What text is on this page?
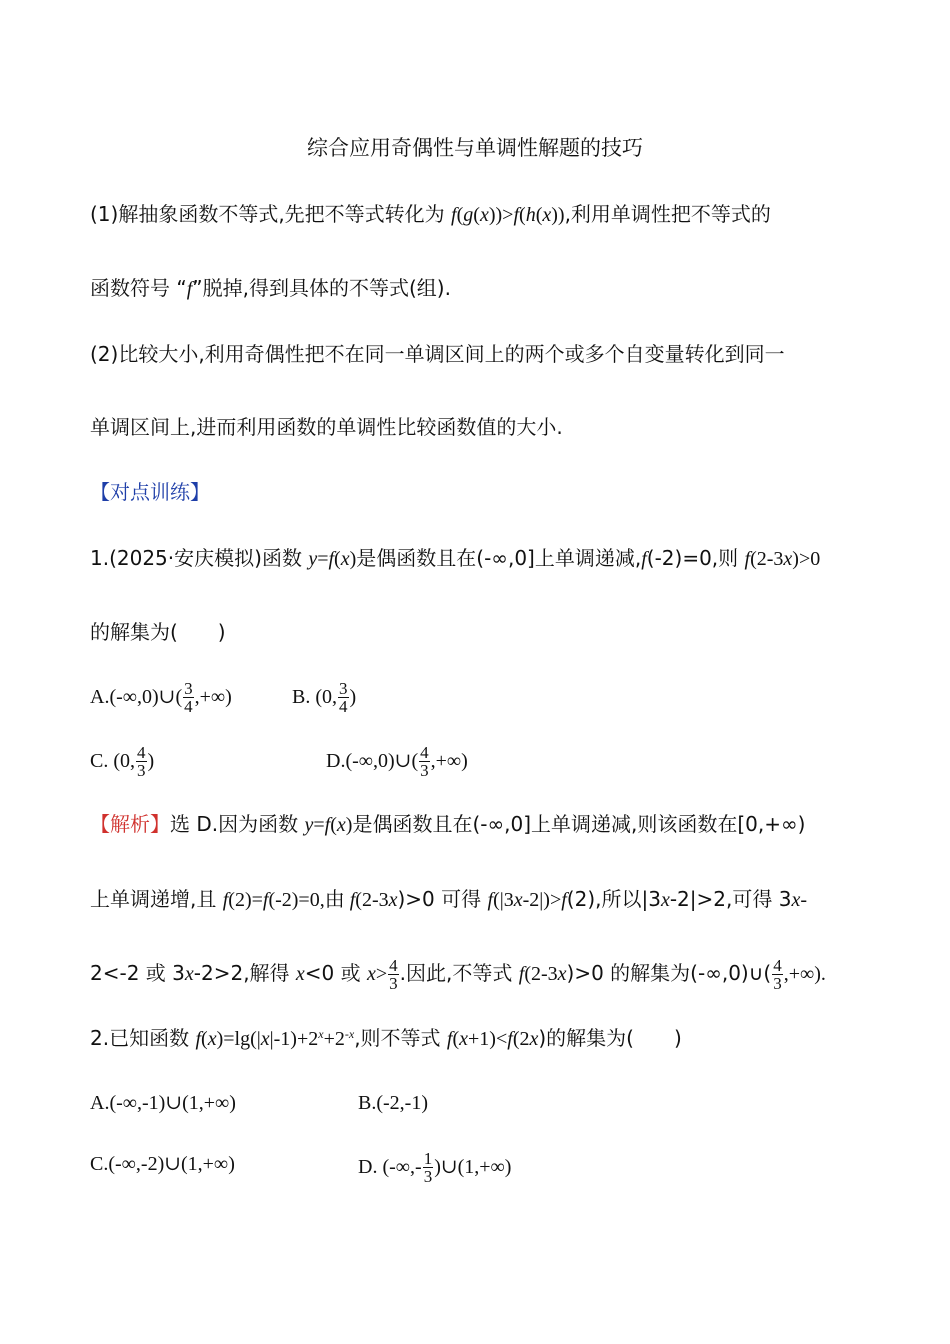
综合应用奇偶性与单调性解题的技巧
(1)解抽象函数不等式,先把不等式转化为 f(g(x))>f(h(x)),利用单调性把不等式的
函数符号 “f”脱掉,得到具体的不等式(组).
(2)比较大小,利用奇偶性把不在同一单调区间上的两个或多个自变量转化到同一
单调区间上,进而利用函数的单调性比较函数值的大小.
【对点训练】
1.(2025·安庆模拟)函数 y=f(x)是偶函数且在(-∞,0]上单调递减,f(-2)=0,则 f(2-3x)>0
的解集为(　　)
A.(-∞,0)∪( $\frac{3}{4}$ ,+∞)	B. (0, $\frac{3}{4}$ )
C. (0, $\frac{4}{3}$ )	D.(-∞,0)∪( $\frac{4}{3}$ ,+∞)
【解析】选 D.因为函数 y=f(x)是偶函数且在(-∞,0]上单调递减,则该函数在[0,+∞)
上单调递增,且 f(2)=f(-2)=0,由 f(2-3x)>0 可得 f(|3x-2|)>f(2),所以|3x-2|>2,可得 3x-
2<-2 或 3x-2>2,解得 x<0 或 $x> \frac{4}{3}$ .因此,不等式 f(2-3x)>0 的解集为(-∞,0)∪( $\frac{4}{3}$ ,+∞).
2.已知函数 $f(x)=\lg(|x|-1)+2^x+2^{-x}$,则不等式 f(x+1)<f(2x)的解集为(　　)
A.(-∞,-1)∪(1,+∞)	B.(-2,-1)
C.(-∞,-2)∪(1,+∞)	D. (-∞,- $\frac{1}{3}$ )∪(1,+∞)
